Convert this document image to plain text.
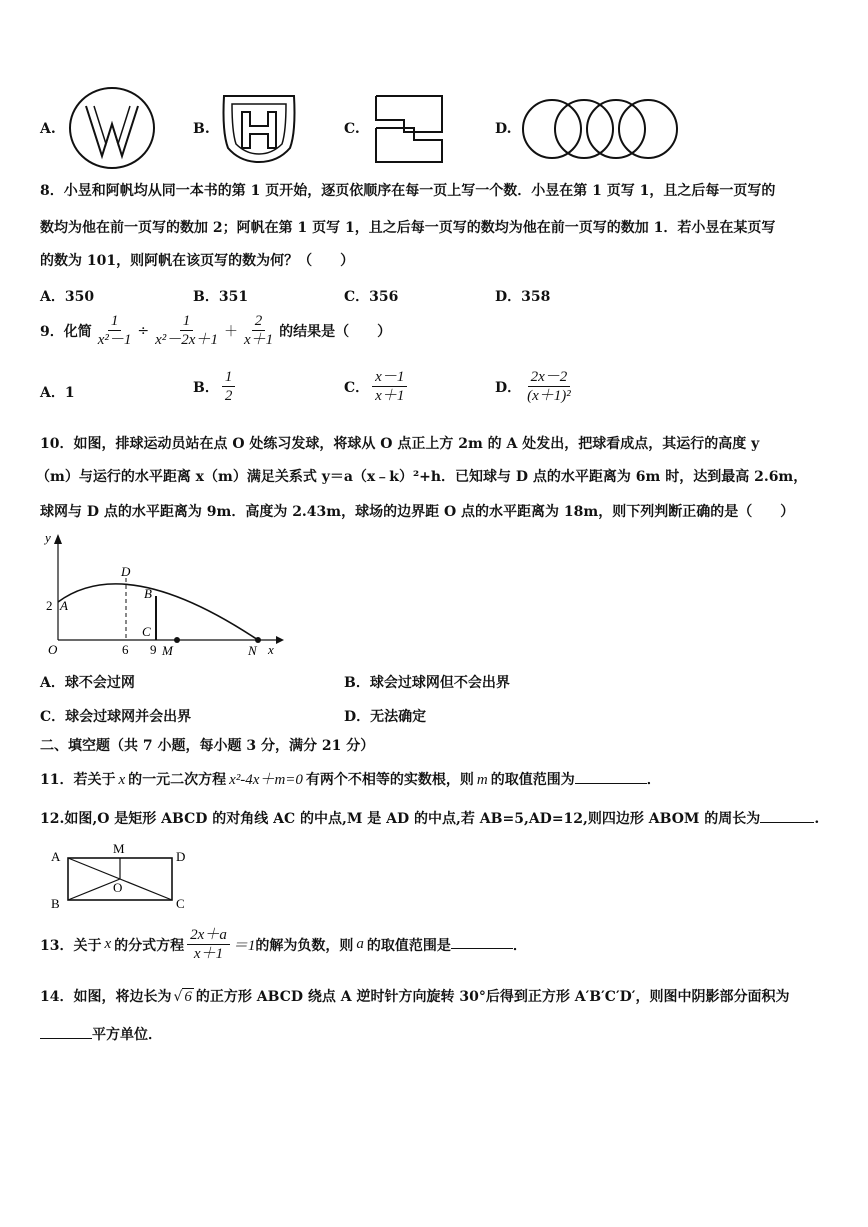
A.	B.	C.	D.
8．小昱和阿帆均从同一本书的第 1 页开始，逐页依顺序在每一页上写一个数．小昱在第 1 页写 1，且之后每一页写的
数均为他在前一页写的数加 2；阿帆在第 1 页写 1，且之后每一页写的数均为他在前一页写的数加 1．若小昱在某页写
的数为 101，则阿帆在该页写的数为何？（　　）
A．350	B．351	C．356	D．358
9．化简 $\frac{1}{\text{x²－1}} \div \frac{1}{\text{x²－2x＋1}} + \frac{2}{x+1}$ 的结果是（　　）
A．1	B． $\frac{1}{2}$	C． $\frac{x-1}{x+1}$	D． $\frac{2x-2}{\text{(x＋1)²}}$
10．如图，排球运动员站在点 O 处练习发球，将球从 O 点正上方 2m 的 A 处发出，把球看成点，其运行的高度 y
（m）与运行的水平距离 x（m）满足关系式 y＝a（x﹣k）²+h．已知球与 D 点的水平距离为 6m 时，达到最高 2.6m，
球网与 D 点的水平距离为 9m．高度为 2.43m，球场的边界距 O 点的水平距离为 18m，则下列判断正确的是（　　）
y
x
O
2 A
D
B
C
6 9 M	N
A．球不会过网	B．球会过球网但不会出界
C．球会过球网并会出界	D．无法确定
二、填空题（共 7 小题，每小题 3 分，满分 21 分）
11．若关于 x 的一元二次方程 x²-4x＋m=0 有两个不相等的实数根，则 m 的取值范围为	．
12.如图,O 是矩形 ABCD 的对角线 AC 的中点,M 是 AD 的中点,若 AB=5,AD=12,则四边形 ABOM 的周长为	.
A
B	C
D
M
O
13．关于 x 的分式方程 $\frac{2x+a}{x+1} =1$ 的解为负数，则 a 的取值范围是	．
14．如图，将边长为 √ 6 的正方形 ABCD 绕点 A 逆时针方向旋转 30°后得到正方形 A′B′C′D′，则图中阴影部分面积为
平方单位．
